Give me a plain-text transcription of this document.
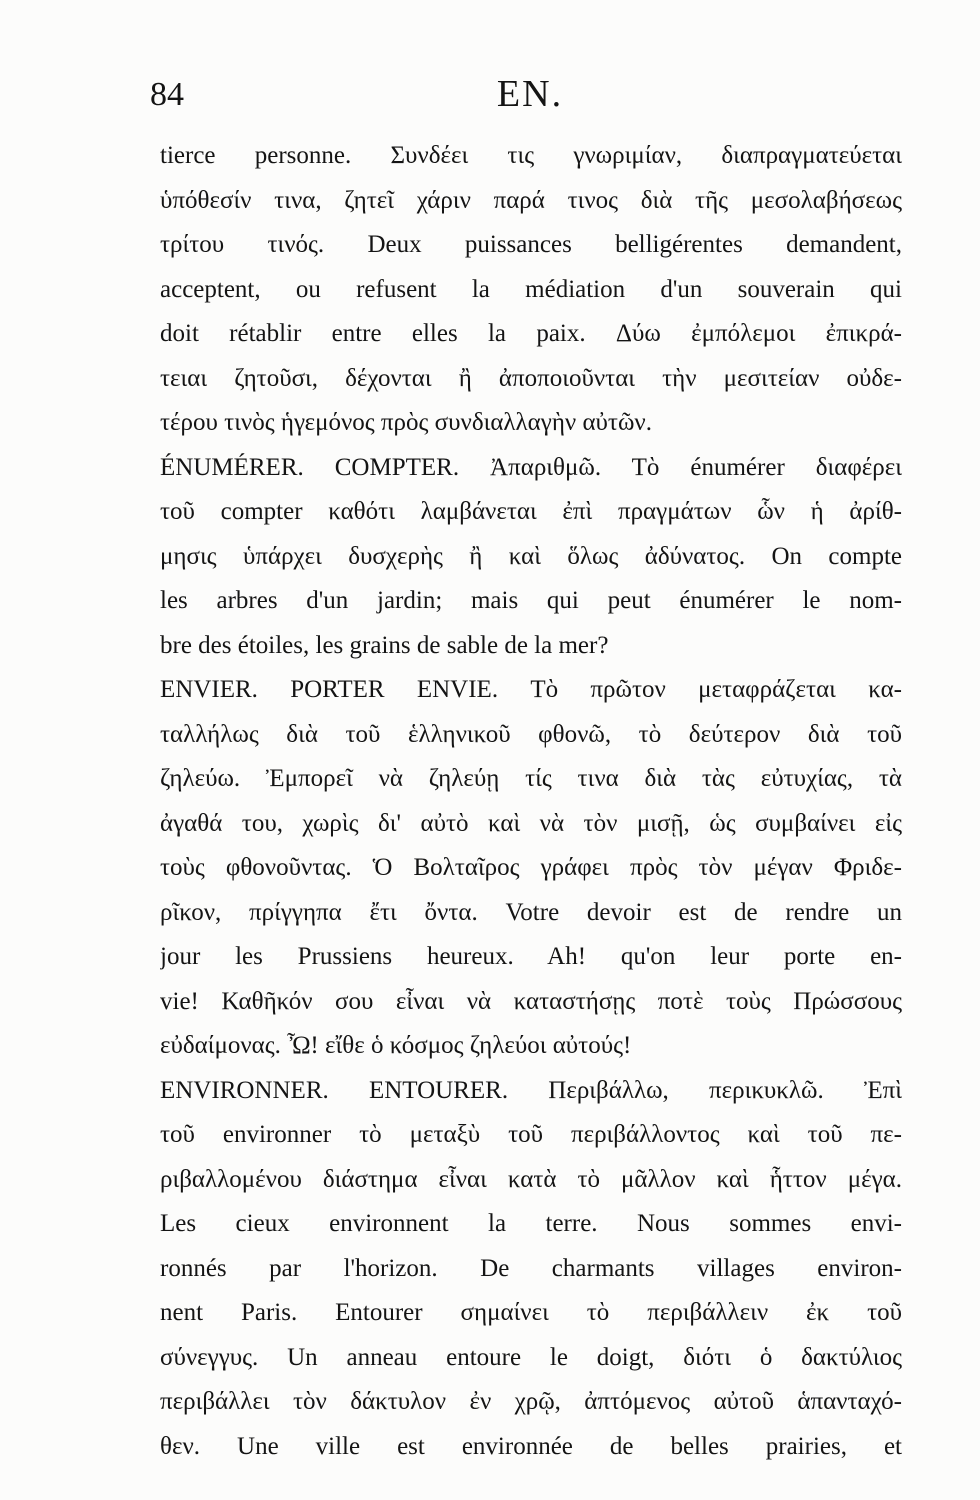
84	EN.
tierce personne. Συνδέει τις γνωριμίαν, διαπραγματεύεται
ὑπόθεσίν τινα, ζητεῖ χάριν παρά τινος διὰ τῆς μεσολαβήσεως
τρίτου τινός. Deux puissances belligérentes demandent,
acceptent, ou refusent la médiation d'un souverain qui
doit rétablir entre elles la paix. Δύω ἐμπόλεμοι ἐπικρά-
τειαι ζητοῦσι, δέχονται ἢ ἀποποιοῦνται τὴν μεσιτείαν οὐδε-
τέρου τινὸς ἡγεμόνος πρὸς συνδιαλλαγὴν αὐτῶν.
ÉNUMÉRER. COMPTER. Ἀπαριθμῶ. Τὸ énumérer διαφέρει
τοῦ compter καθότι λαμβάνεται ἐπὶ πραγμάτων ὧν ἡ ἀρίθ-
μησις ὑπάρχει δυσχερὴς ἢ καὶ ὅλως ἀδύνατος. On compte
les arbres d'un jardin; mais qui peut énumérer le nom-
bre des étoiles, les grains de sable de la mer?
ENVIER. PORTER ENVIE. Τὸ πρῶτον μεταφράζεται κα-
ταλλήλως διὰ τοῦ ἑλληνικοῦ φθονῶ, τὸ δεύτερον διὰ τοῦ
ζηλεύω. Ἐμπορεῖ νὰ ζηλεύῃ τίς τινα διὰ τὰς εὐτυχίας, τὰ
ἀγαθά του, χωρὶς δι' αὐτὸ καὶ νὰ τὸν μισῇ, ὡς συμβαίνει εἰς
τοὺς φθονοῦντας. Ὁ Βολταῖρος γράφει πρὸς τὸν μέγαν Φριδε-
ρῖκον, πρίγγηπα ἔτι ὄντα. Votre devoir est de rendre un
jour les Prussiens heureux. Ah! qu'on leur porte en-
vie! Καθῆκόν σου εἶναι νὰ καταστήσῃς ποτὲ τοὺς Πρώσσους
εὐδαίμονας. Ὦ! εἴθε ὁ κόσμος ζηλεύοι αὐτούς!
ENVIRONNER. ENTOURER. Περιβάλλω, περικυκλῶ. Ἐπὶ
τοῦ environner τὸ μεταξὺ τοῦ περιβάλλοντος καὶ τοῦ πε-
ριβαλλομένου διάστημα εἶναι κατὰ τὸ μᾶλλον καὶ ἧττον μέγα.
Les cieux environnent la terre. Nous sommes envi-
ronnés par l'horizon. De charmants villages environ-
nent Paris. Entourer σημαίνει τὸ περιβάλλειν ἐκ τοῦ
σύνεγγυς. Un anneau entoure le doigt, διότι ὁ δακτύλιος
περιβάλλει τὸν δάκτυλον ἐν χρῷ, ἀπτόμενος αὐτοῦ ἁπανταχό-
θεν. Une ville est environnée de belles prairies, et
